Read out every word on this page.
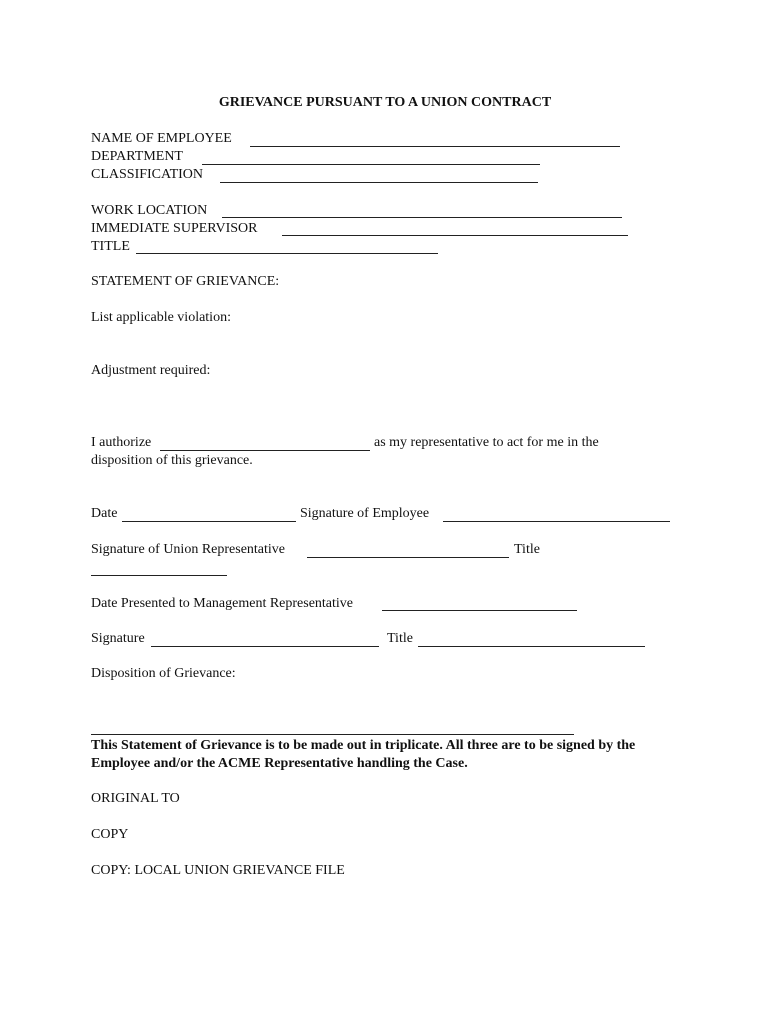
GRIEVANCE PURSUANT TO A UNION CONTRACT
NAME OF EMPLOYEE
DEPARTMENT
CLASSIFICATION
WORK LOCATION
IMMEDIATE SUPERVISOR
TITLE
STATEMENT OF GRIEVANCE:
List applicable violation:
Adjustment required:
I authorize	as my representative to act for me in the
disposition of this grievance.
Date	Signature of Employee
Signature of Union Representative	Title
Date Presented to Management Representative
Signature	Title
Disposition of Grievance:
This Statement of Grievance is to be made out in triplicate. All three are to be signed by the
Employee and/or the ACME Representative handling the Case.
ORIGINAL TO
COPY
COPY: LOCAL UNION GRIEVANCE FILE
